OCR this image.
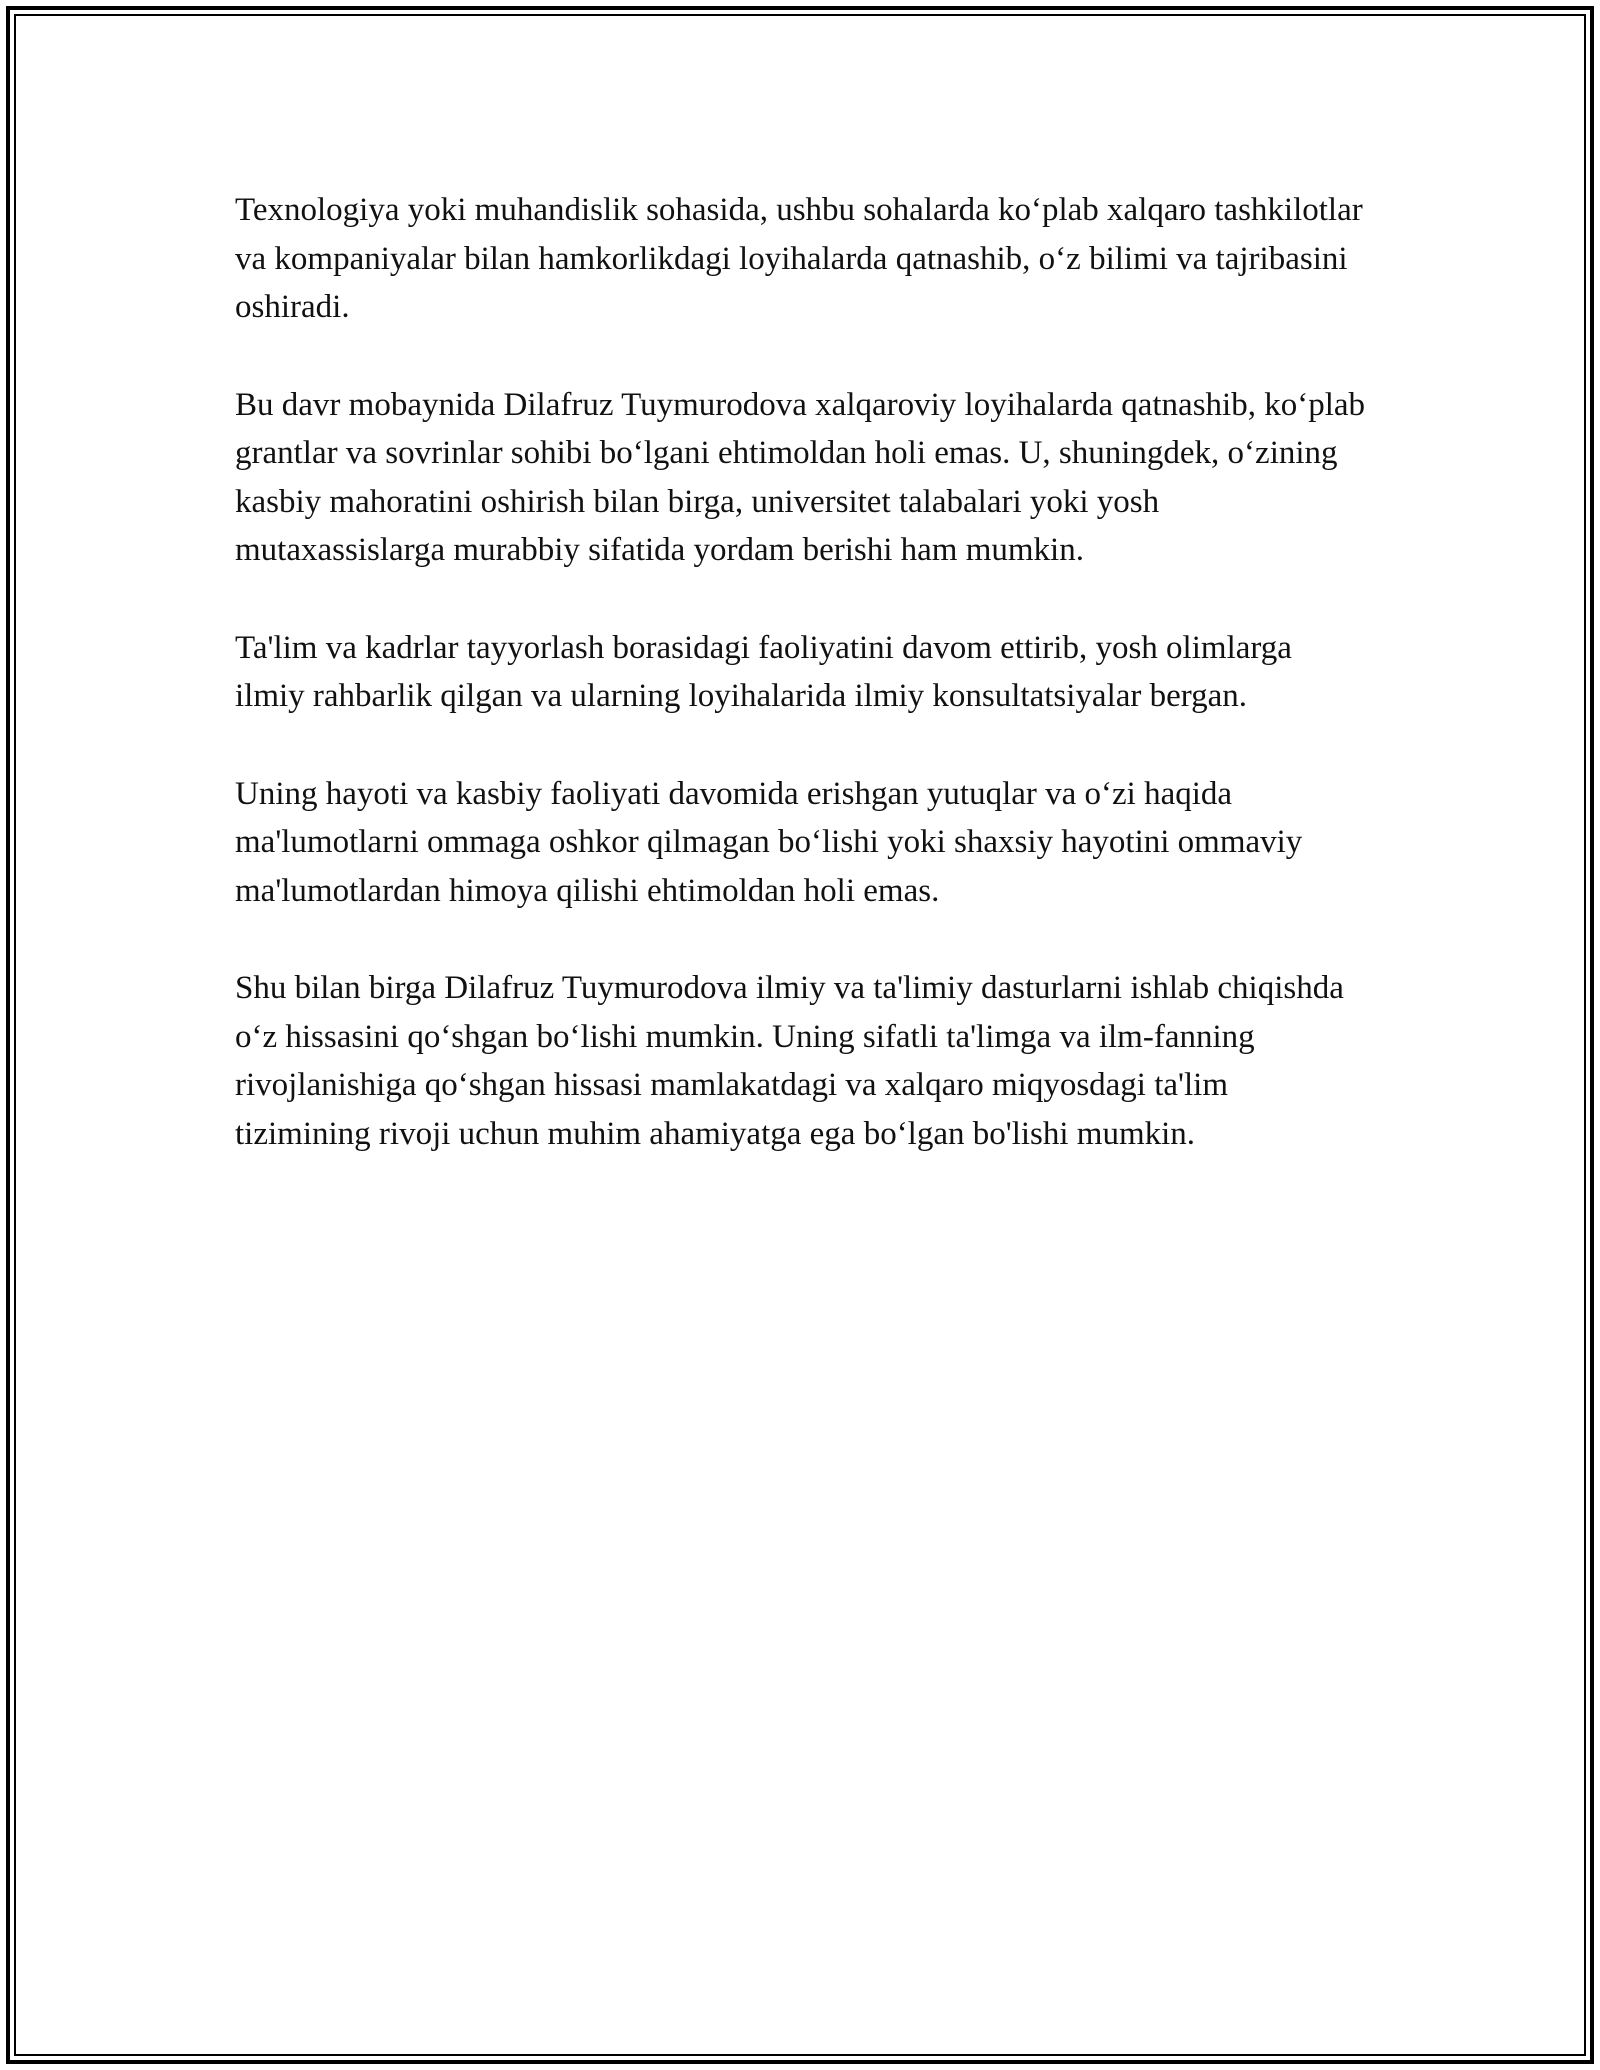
Texnologiya yoki muhandislik sohasida, ushbu sohalarda ko‘plab xalqaro tashkilotlar va kompaniyalar bilan hamkorlikdagi loyihalarda qatnashib, o‘z bilimi va tajribasini oshiradi.

Bu davr mobaynida Dilafruz Tuymurodova xalqaroviy loyihalarda qatnashib, ko‘plab grantlar va sovrinlar sohibi bo‘lgani ehtimoldan holi emas. U, shuningdek, o‘zining kasbiy mahoratini oshirish bilan birga, universitet talabalari yoki yosh mutaxassislarga murabbiy sifatida yordam berishi ham mumkin.

Ta'lim va kadrlar tayyorlash borasidagi faoliyatini davom ettirib, yosh olimlarga ilmiy rahbarlik qilgan va ularning loyihalarida ilmiy konsultatsiyalar bergan.

Uning hayoti va kasbiy faoliyati davomida erishgan yutuqlar va o‘zi haqida ma'lumotlarni ommaga oshkor qilmagan bo‘lishi yoki shaxsiy hayotini ommaviy ma'lumotlardan himoya qilishi ehtimoldan holi emas.

Shu bilan birga Dilafruz Tuymurodova ilmiy va ta'limiy dasturlarni ishlab chiqishda o‘z hissasini qo‘shgan bo‘lishi mumkin. Uning sifatli ta'limga va ilm-fanning rivojlanishiga qo‘shgan hissasi mamlakatdagi va xalqaro miqyosdagi ta'lim tizimining rivoji uchun muhim ahamiyatga ega bo‘lgan bo'lishi mumkin.
